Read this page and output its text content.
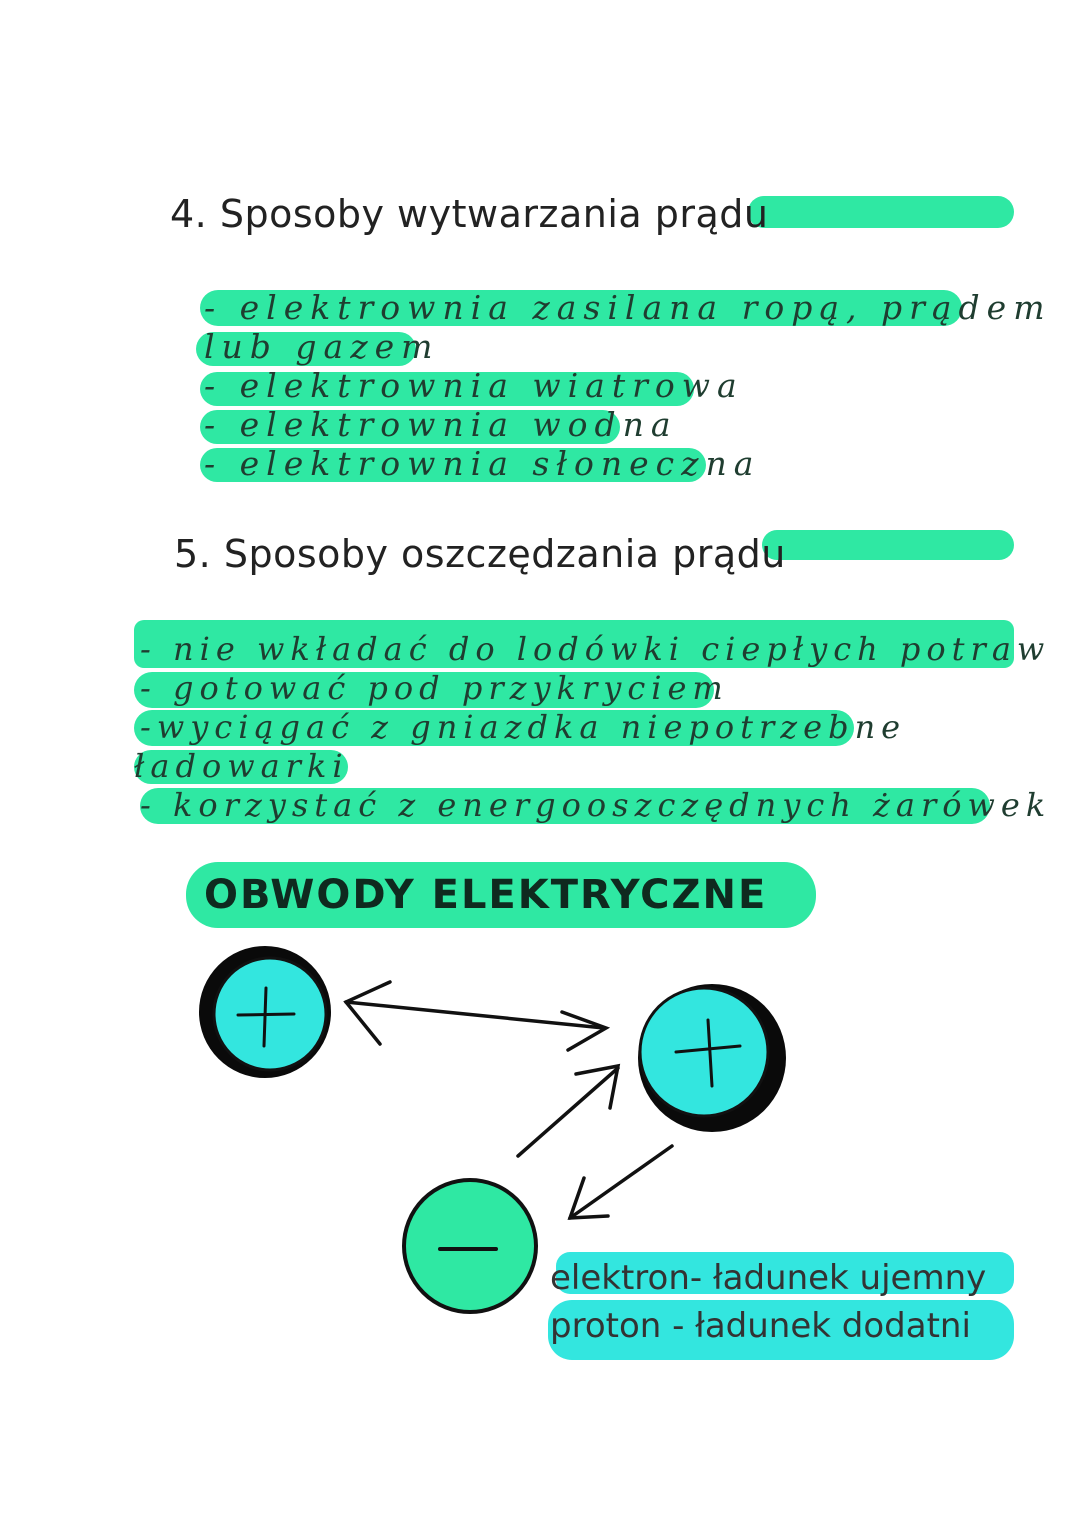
4. Sposoby wytwarzania prądu
- elektrownia zasilana ropą, prądem
lub gazem
- elektrownia wiatrowa
- elektrownia wodna
- elektrownia słoneczna
5. Sposoby oszczędzania prądu
- nie wkładać do lodówki ciepłych potraw
- gotować pod przykryciem
-wyciągać z gniazdka niepotrzebne
ładowarki
- korzystać z energooszczędnych żarówek
OBWODY ELEKTRYCZNE
elektron- ładunek ujemny
proton - ładunek dodatni
